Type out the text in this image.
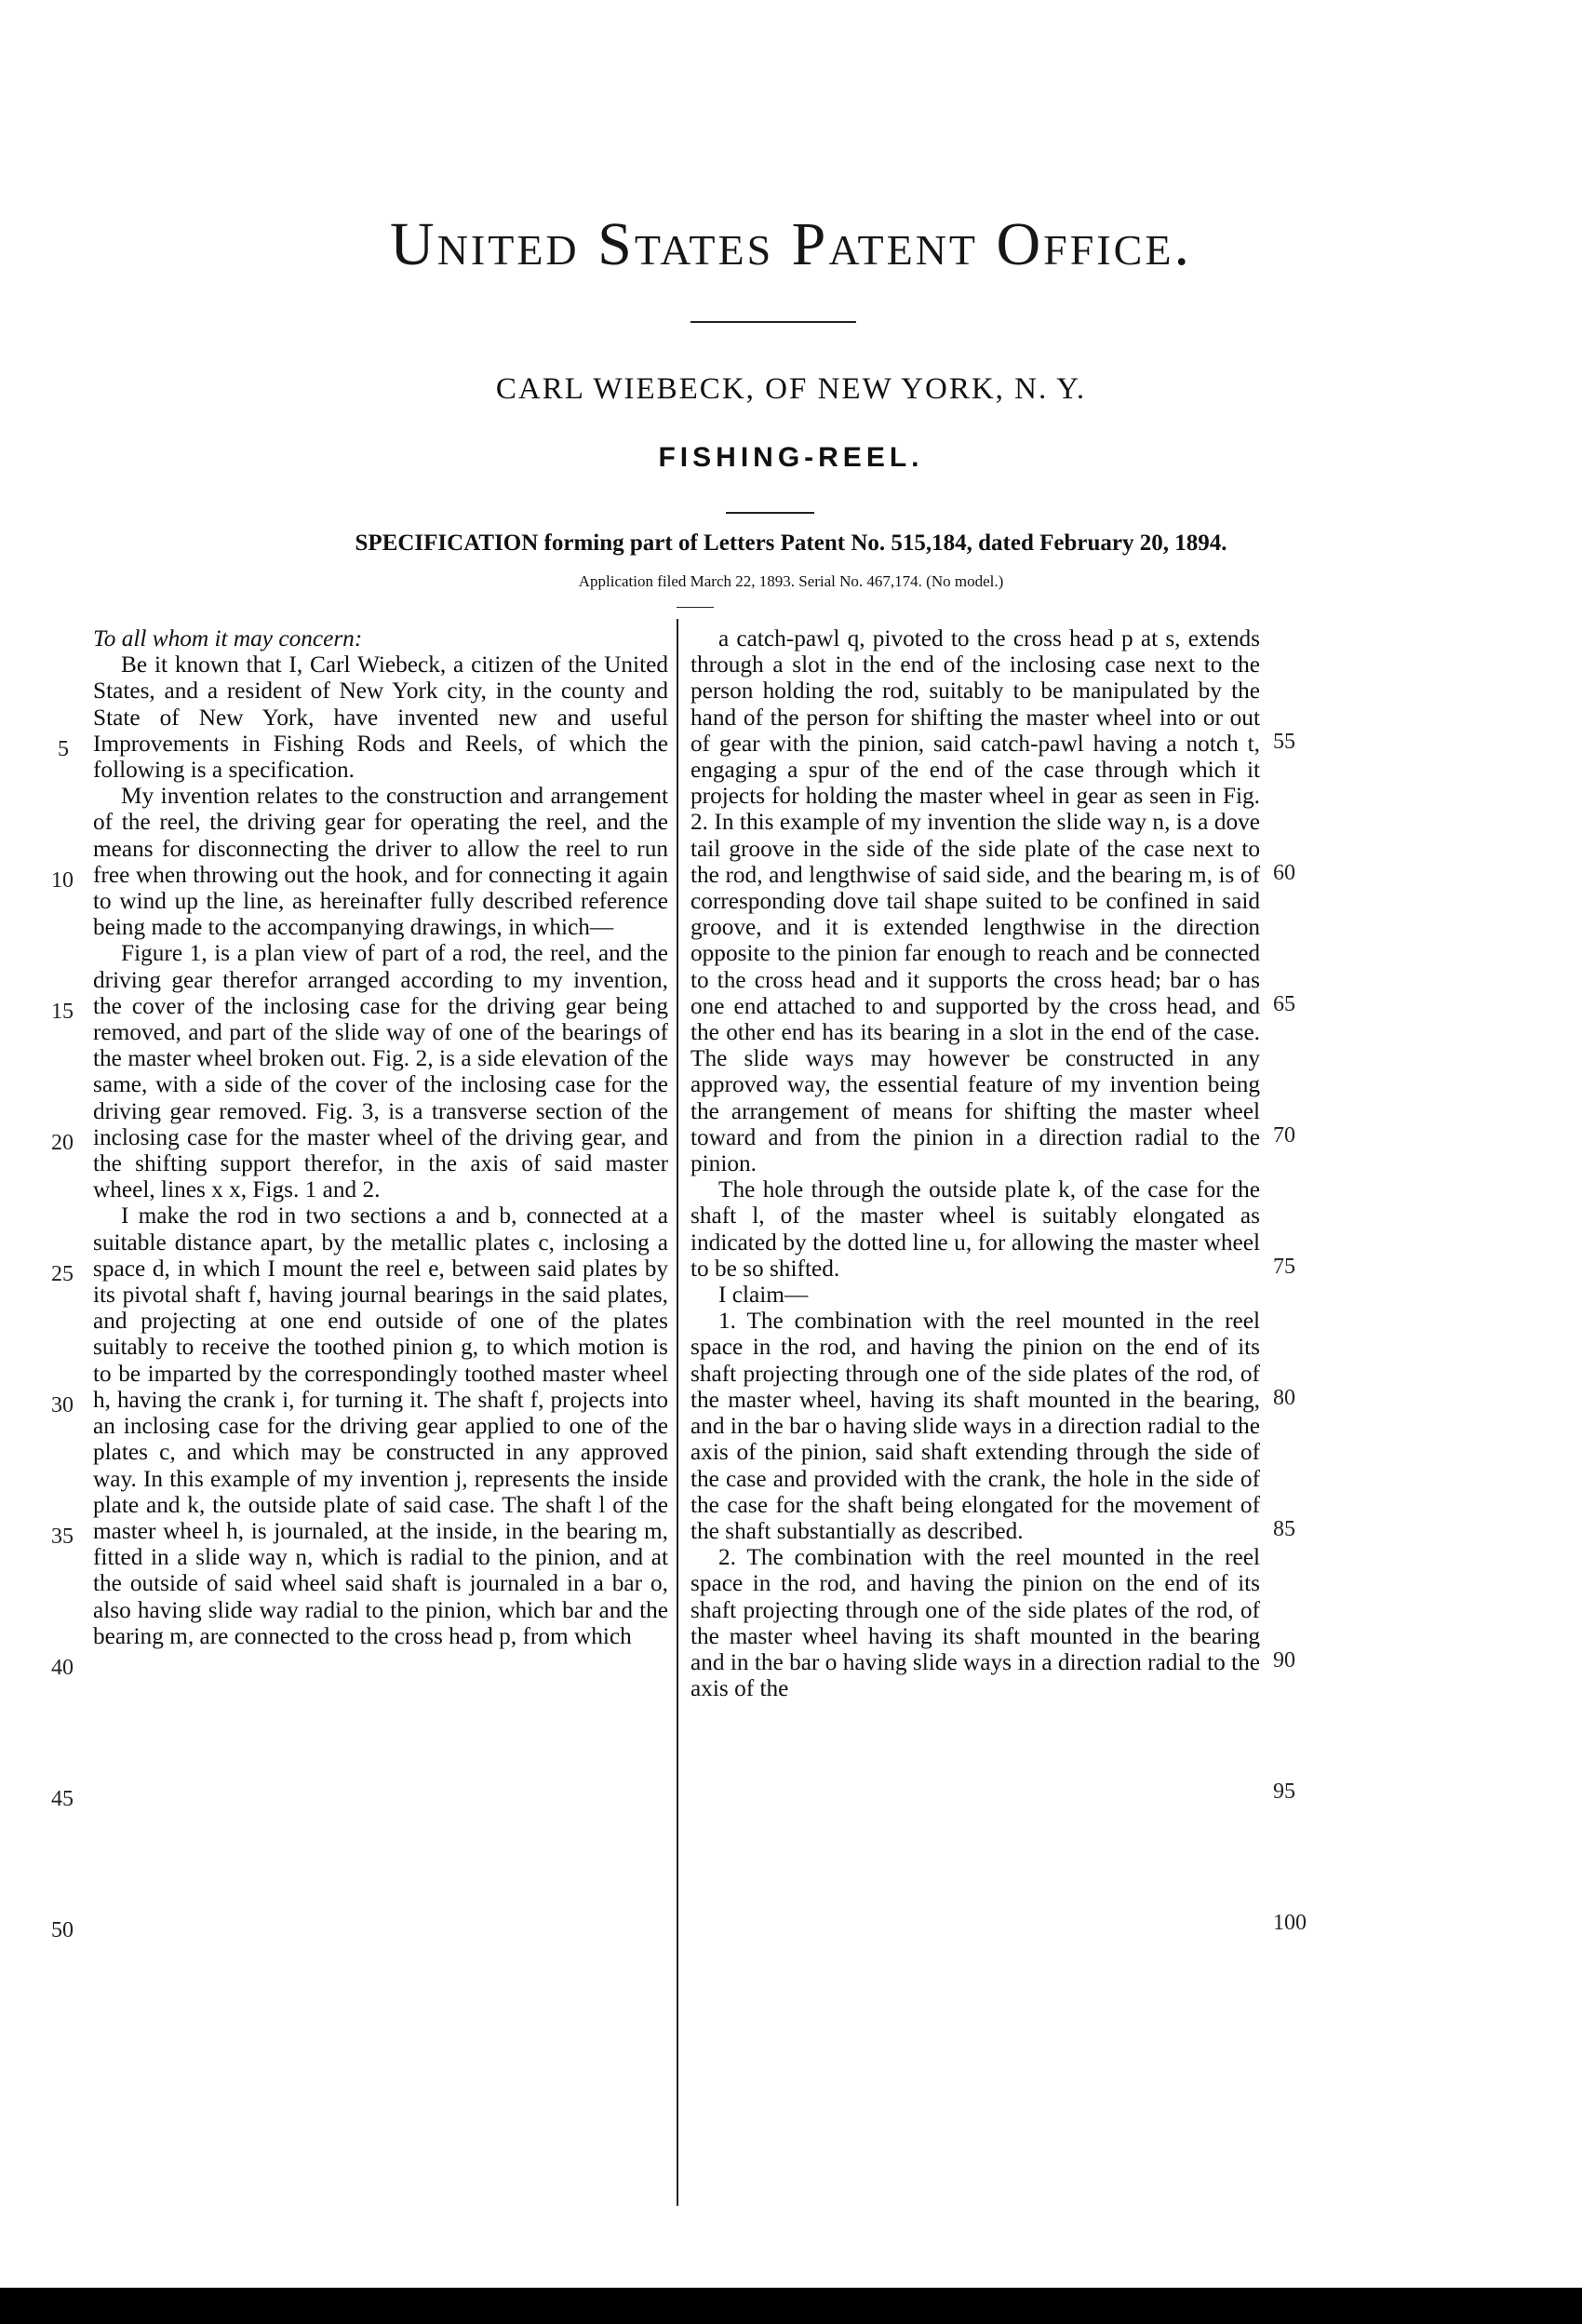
United States Patent Office.
CARL WIEBECK, OF NEW YORK, N. Y.
FISHING-REEL.
SPECIFICATION forming part of Letters Patent No. 515,184, dated February 20, 1894.
Application filed March 22, 1893. Serial No. 467,174. (No model.)

To all whom it may concern:

Be it known that I, Carl Wiebeck, a citizen of the United States, and a resident of New York city, in the county and State of New York, have invented new and useful Improvements in Fishing Rods and Reels, of which the following is a specification.

My invention relates to the construction and arrangement of the reel, the driving gear for operating the reel, and the means for disconnecting the driver to allow the reel to run free when throwing out the hook, and for connecting it again to wind up the line, as hereinafter fully described reference being made to the accompanying drawings, in which—

Figure 1, is a plan view of part of a rod, the reel, and the driving gear therefor arranged according to my invention, the cover of the inclosing case for the driving gear being removed, and part of the slide way of one of the bearings of the master wheel broken out. Fig. 2, is a side elevation of the same, with a side of the cover of the inclosing case for the driving gear removed. Fig. 3, is a transverse section of the inclosing case for the master wheel of the driving gear, and the shifting support therefor, in the axis of said master wheel, lines x x, Figs. 1 and 2.

I make the rod in two sections a and b, connected at a suitable distance apart, by the metallic plates c, inclosing a space d, in which I mount the reel e, between said plates by its pivotal shaft f, having journal bearings in the said plates, and projecting at one end outside of one of the plates suitably to receive the toothed pinion g, to which motion is to be imparted by the correspondingly toothed master wheel h, having the crank i, for turning it. The shaft f, projects into an inclosing case for the driving gear applied to one of the plates c, and which may be constructed in any approved way. In this example of my invention j, represents the inside plate and k, the outside plate of said case. The shaft l of the master wheel h, is journaled, at the inside, in the bearing m, fitted in a slide way n, which is radial to the pinion, and at the outside of said wheel said shaft is journaled in a bar o, also having slide way radial to the pinion, which bar and the bearing m, are connected to the cross head p, from which

a catch-pawl q, pivoted to the cross head p at s, extends through a slot in the end of the inclosing case next to the person holding the rod, suitably to be manipulated by the hand of the person for shifting the master wheel into or out of gear with the pinion, said catch-pawl having a notch t, engaging a spur of the end of the case through which it projects for holding the master wheel in gear as seen in Fig. 2. In this example of my invention the slide way n, is a dove tail groove in the side of the side plate of the case next to the rod, and lengthwise of said side, and the bearing m, is of corresponding dove tail shape suited to be confined in said groove, and it is extended lengthwise in the direction opposite to the pinion far enough to reach and be connected to the cross head and it supports the cross head; bar o has one end attached to and supported by the cross head, and the other end has its bearing in a slot in the end of the case. The slide ways may however be constructed in any approved way, the essential feature of my invention being the arrangement of means for shifting the master wheel toward and from the pinion in a direction radial to the pinion.

The hole through the outside plate k, of the case for the shaft l, of the master wheel is suitably elongated as indicated by the dotted line u, for allowing the master wheel to be so shifted.

I claim—

1. The combination with the reel mounted in the reel space in the rod, and having the pinion on the end of its shaft projecting through one of the side plates of the rod, of the master wheel, having its shaft mounted in the bearing, and in the bar o having slide ways in a direction radial to the axis of the pinion, said shaft extending through the side of the case and provided with the crank, the hole in the side of the case for the shaft being elongated for the movement of the shaft substantially as described.

2. The combination with the reel mounted in the reel space in the rod, and having the pinion on the end of its shaft projecting through one of the side plates of the rod, of the master wheel having its shaft mounted in the bearing and in the bar o having slide ways in a direction radial to the axis of the

5
10
15
20
25
30
35
40
45
50
55
60
65
70
75
80
85
90
95
100
